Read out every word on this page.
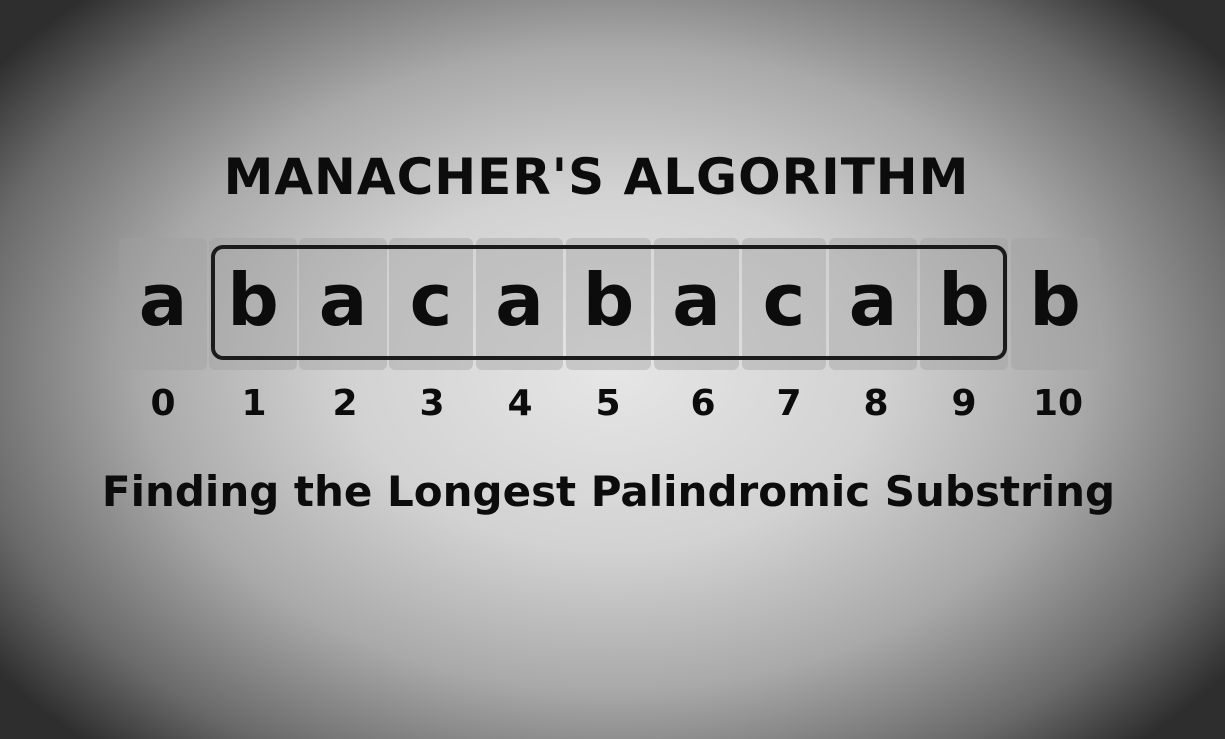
MANACHER'S ALGORITHM
a b a c a b a c a b b
0	1	2	3	4	5	6	7	8	9	10
Finding the Longest Palindromic Substring
